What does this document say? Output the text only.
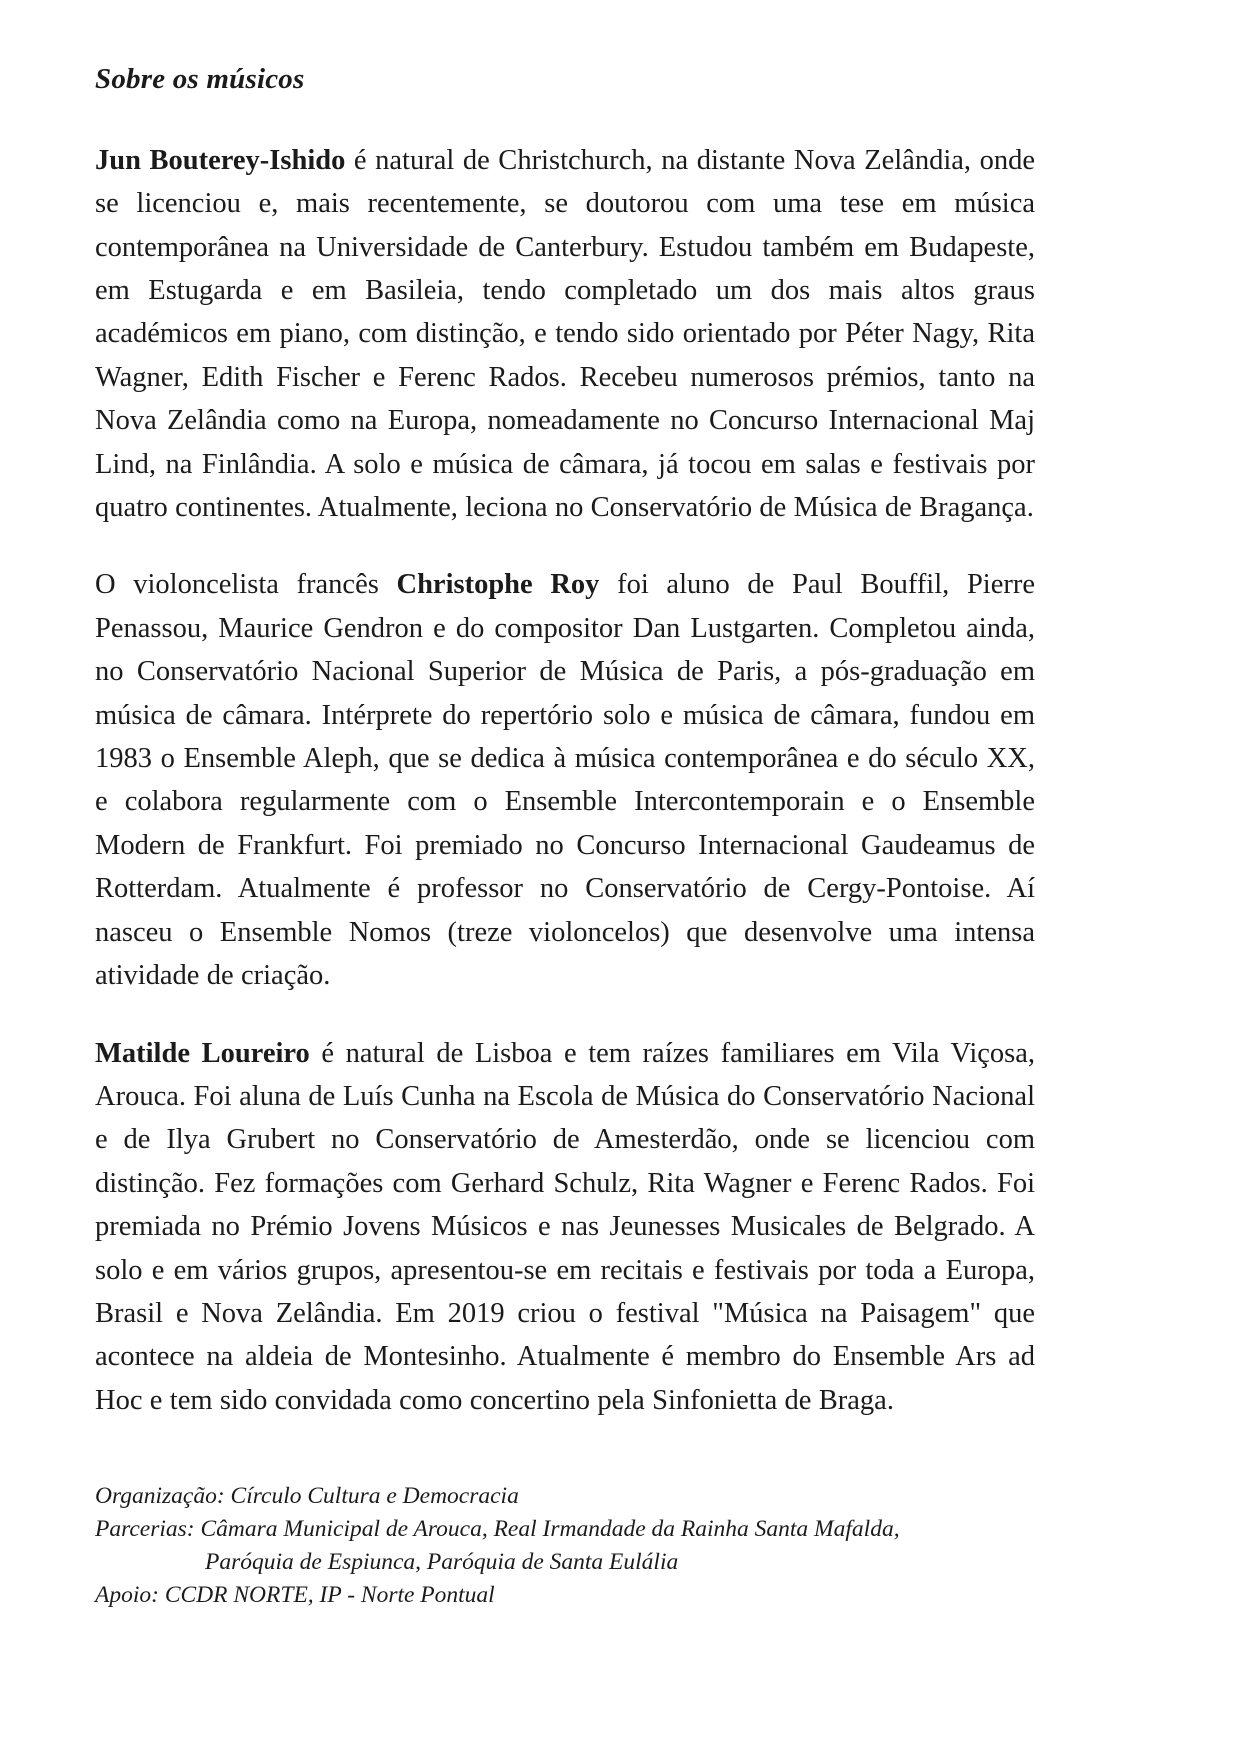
Sobre os músicos

Jun Bouterey-Ishido é natural de Christchurch, na distante Nova Zelândia, onde se licenciou e, mais recentemente, se doutorou com uma tese em música contemporânea na Universidade de Canterbury. Estudou também em Budapeste, em Estugarda e em Basileia, tendo completado um dos mais altos graus académicos em piano, com distinção, e tendo sido orientado por Péter Nagy, Rita Wagner, Edith Fischer e Ferenc Rados. Recebeu numerosos prémios, tanto na Nova Zelândia como na Europa, nomeadamente no Concurso Internacional Maj Lind, na Finlândia. A solo e música de câmara, já tocou em salas e festivais por quatro continentes. Atualmente, leciona no Conservatório de Música de Bragança.

O violoncelista francês Christophe Roy foi aluno de Paul Bouffil, Pierre Penassou, Maurice Gendron e do compositor Dan Lustgarten. Completou ainda, no Conservatório Nacional Superior de Música de Paris, a pós-graduação em música de câmara. Intérprete do repertório solo e música de câmara, fundou em 1983 o Ensemble Aleph, que se dedica à música contemporânea e do século XX, e colabora regularmente com o Ensemble Intercontemporain e o Ensemble Modern de Frankfurt. Foi premiado no Concurso Internacional Gaudeamus de Rotterdam. Atualmente é professor no Conservatório de Cergy-Pontoise. Aí nasceu o Ensemble Nomos (treze violoncelos) que desenvolve uma intensa atividade de criação.

Matilde Loureiro é natural de Lisboa e tem raízes familiares em Vila Viçosa, Arouca. Foi aluna de Luís Cunha na Escola de Música do Conservatório Nacional e de Ilya Grubert no Conservatório de Amesterdão, onde se licenciou com distinção. Fez formações com Gerhard Schulz, Rita Wagner e Ferenc Rados. Foi premiada no Prémio Jovens Músicos e nas Jeunesses Musicales de Belgrado. A solo e em vários grupos, apresentou-se em recitais e festivais por toda a Europa, Brasil e Nova Zelândia. Em 2019 criou o festival "Música na Paisagem" que acontece na aldeia de Montesinho. Atualmente é membro do Ensemble Ars ad Hoc e tem sido convidada como concertino pela Sinfonietta de Braga.

Organização: Círculo Cultura e Democracia
Parcerias: Câmara Municipal de Arouca, Real Irmandade da Rainha Santa Mafalda,
Paróquia de Espiunca, Paróquia de Santa Eulália
Apoio: CCDR NORTE, IP - Norte Pontual
